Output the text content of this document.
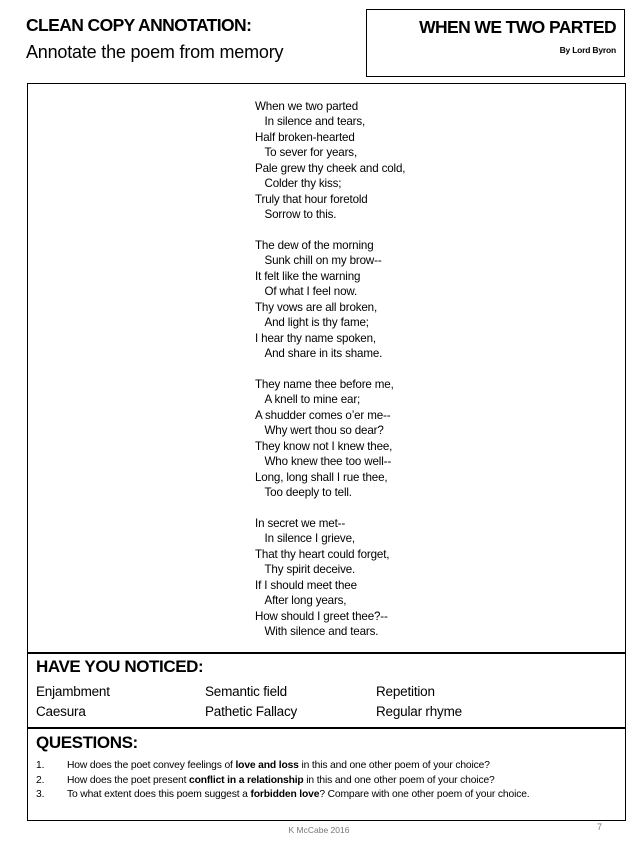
CLEAN COPY ANNOTATION:
Annotate the poem from memory
WHEN WE TWO PARTED
By Lord Byron
When we two parted
In silence and tears,
Half broken-hearted
To sever for years,
Pale grew thy cheek and cold,
Colder thy kiss;
Truly that hour foretold
Sorrow to this.
The dew of the morning
Sunk chill on my brow--
It felt like the warning
Of what I feel now.
Thy vows are all broken,
And light is thy fame;
I hear thy name spoken,
And share in its shame.
They name thee before me,
A knell to mine ear;
A shudder comes o’er me--
Why wert thou so dear?
They know not I knew thee,
Who knew thee too well--
Long, long shall I rue thee,
Too deeply to tell.
In secret we met--
In silence I grieve,
That thy heart could forget,
Thy spirit deceive.
If I should meet thee
After long years,
How should I greet thee?--
With silence and tears.
HAVE YOU NOTICED:
Enjambment	Semantic field	Repetition
Caesura	Pathetic Fallacy	Regular rhyme
QUESTIONS:
1. How does the poet convey feelings of love and loss in this and one other poem of your choice?
2. How does the poet present conflict in a relationship in this and one other poem of your choice?
3. To what extent does this poem suggest a forbidden love? Compare with one other poem of your choice.
K McCabe 2016	7
